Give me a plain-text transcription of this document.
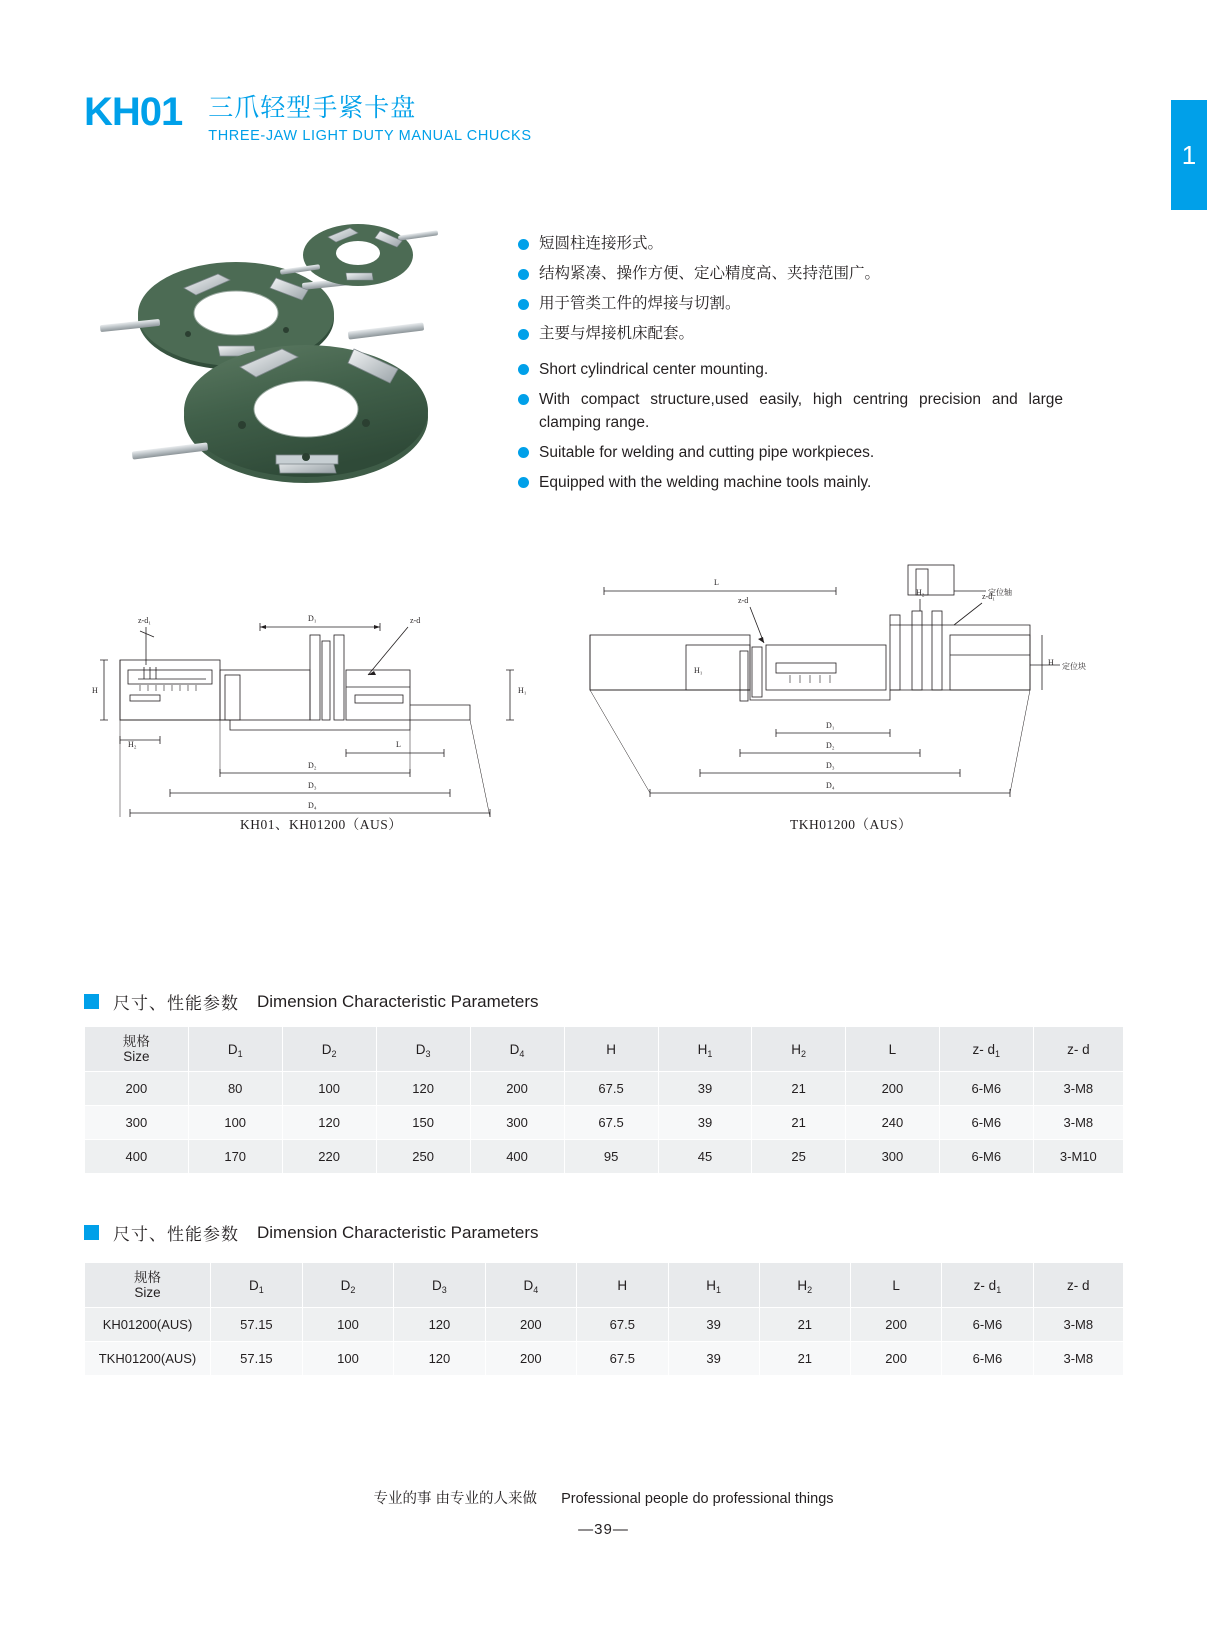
KH01 三爪轻型手紧卡盘
THREE-JAW LIGHT DUTY MANUAL CHUCKS
1
短圆柱连接形式。
结构紧凑、操作方便、定心精度高、夹持范围广。
用于管类工件的焊接与切割。
主要与焊接机床配套。
Short cylindrical center mounting.
With compact structure,used easily, high centring precision and large clamping range.
Suitable for welding and cutting pipe workpieces.
Equipped with the welding machine tools mainly.
z-d₁	D₁	z-d
H
H₂
H₁
L
D₂
D₃
D₄
定位轴
L
z-d
H₂	z-d₁
定位块
H
H₁
D₁
D₂
D₃
D₄
KH01、KH01200（AUS）	TKH01200（AUS）
尺寸、性能参数 Dimension Characteristic Parameters
规格
Size	$D_1$	$D_2$	$D_3$	$D_4$	H	$H_1$	$H_2$	L	z- $d_1$	z- d
200	80	100	120	200	67.5	39	21	200	6-M6	3-M8
300	100	120	150	300	67.5	39	21	240	6-M6	3-M8
400	170	220	250	400	95	45	25	300	6-M6	3-M10
尺寸、性能参数 Dimension Characteristic Parameters
规格
Size	$D_1$	$D_2$	$D_3$	$D_4$	H	$H_1$	$H_2$	L	z- $d_1$	z- d
KH01200(AUS)	57.15	100	120	200	67.5	39	21	200	6-M6	3-M8
TKH01200(AUS)	57.15	100	120	200	67.5	39	21	200	6-M6	3-M8
专业的事 由专业的人来做 Professional people do professional things
—39—
